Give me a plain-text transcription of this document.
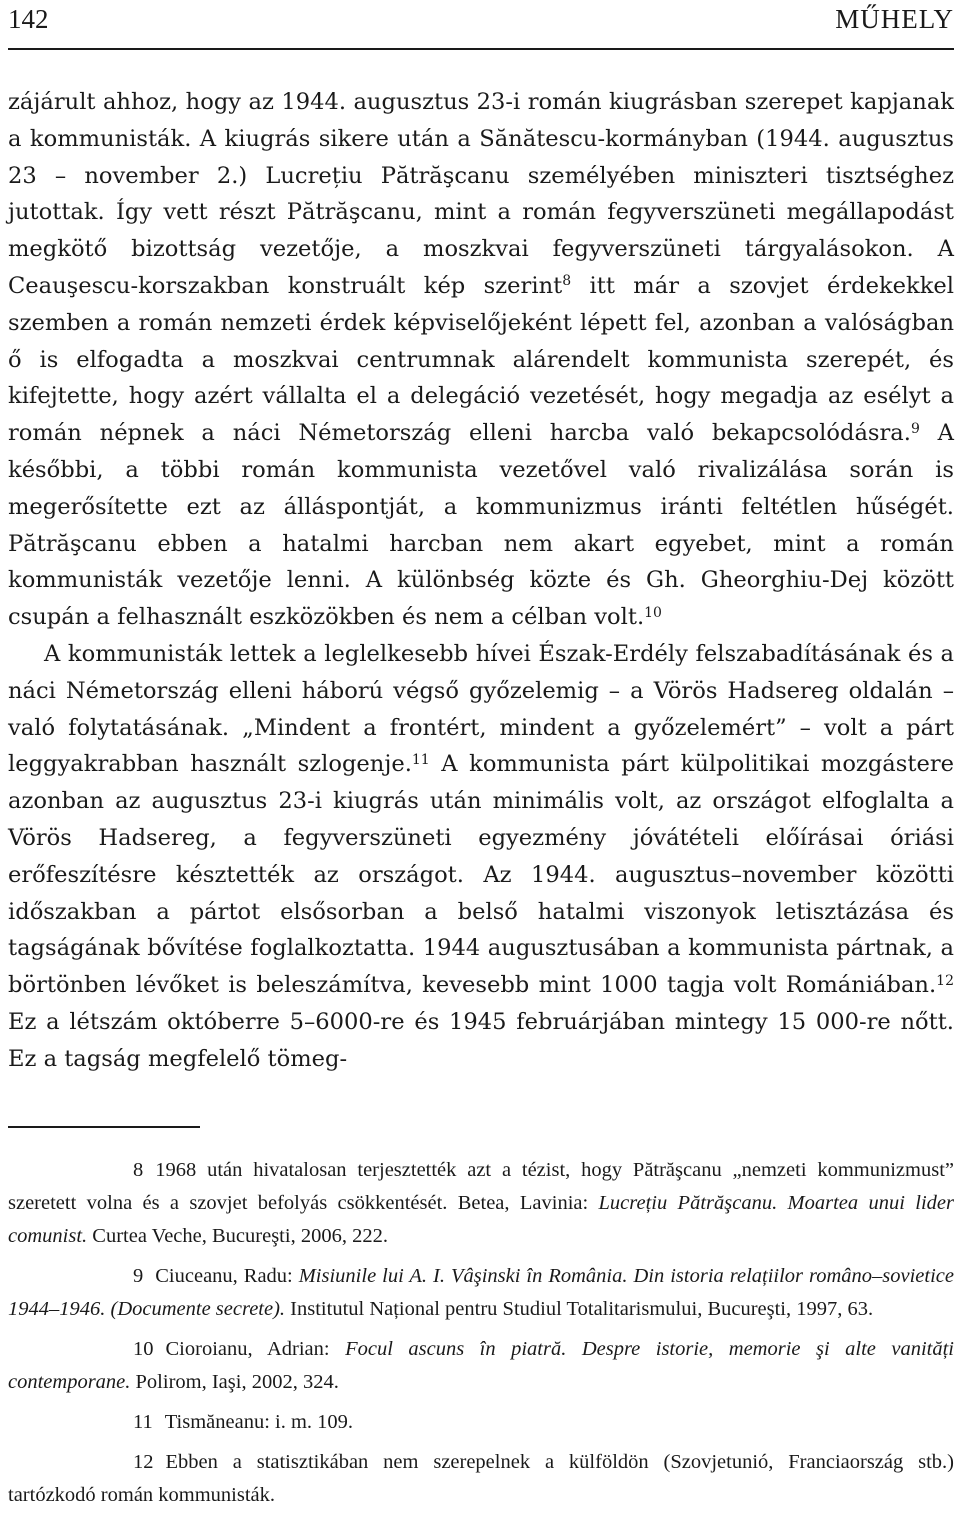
142	MŰHELY

zájárult ahhoz, hogy az 1944. augusztus 23-i román kiugrásban szerepet kapjanak a kommunisták. A kiugrás sikere után a Sănătescu-kormányban (1944. augusztus 23 – november 2.) Lucrețiu Pătrăşcanu személyében miniszteri tisztséghez jutottak. Így vett részt Pătrăşcanu, mint a román fegyverszüneti megállapodást megkötő bizottság vezetője, a moszkvai fegyverszüneti tárgyalásokon. A Ceauşescu-korszakban konstruált kép szerint$^8$ itt már a szovjet érdekekkel szemben a román nemzeti érdek képviselőjeként lépett fel, azonban a valóságban ő is elfogadta a moszkvai centrumnak alárendelt kommunista szerepét, és kifejtette, hogy azért vállalta el a delegáció vezetését, hogy megadja az esélyt a román népnek a náci Németország elleni harcba való bekapcsolódásra.$^9$ A későbbi, a többi román kommunista vezetővel való rivalizálása során is megerősítette ezt az álláspontját, a kommunizmus iránti feltétlen hűségét. Pătrăşcanu ebben a hatalmi harcban nem akart egyebet, mint a román kommunisták vezetője lenni. A különbség közte és Gh. Gheorghiu-Dej között csupán a felhasznált eszközökben és nem a célban volt.$^{10}$

A kommunisták lettek a leglelkesebb hívei Észak-Erdély felszabadításának és a náci Németország elleni háború végső győzelemig – a Vörös Hadsereg oldalán – való folytatásának. „Mindent a frontért, mindent a győzelemért” – volt a párt leggyakrabban használt szlogenje.$^{11}$ A kommunista párt külpolitikai mozgástere azonban az augusztus 23-i kiugrás után minimális volt, az országot elfoglalta a Vörös Hadsereg, a fegyverszüneti egyezmény jóvátételi előírásai óriási erőfeszítésre késztették az országot. Az 1944. augusztus–november közötti időszakban a pártot elsősorban a belső hatalmi viszonyok letisztázása és tagságának bővítése foglalkoztatta. 1944 augusztusában a kommunista pártnak, a börtönben lévőket is beleszámítva, kevesebb mint 1000 tagja volt Romániában.$^{12}$ Ez a létszám októberre 5–6000-re és 1945 februárjában mintegy 15 000-re nőtt. Ez a tagság megfelelő tömeg-

8 1968 után hivatalosan terjesztették azt a tézist, hogy Pătrăşcanu „nemzeti kommunizmust” szeretett volna és a szovjet befolyás csökkentését. Betea, Lavinia: Lucrețiu Pătrăşcanu. Moartea unui lider comunist. Curtea Veche, Bucureşti, 2006, 222.

9 Ciuceanu, Radu: Misiunile lui A. I. Vâşinski în România. Din istoria relațiilor româno–sovietice 1944–1946. (Documente secrete). Institutul Național pentru Studiul Totalitarismului, Bucureşti, 1997, 63.

10 Cioroianu, Adrian: Focul ascuns în piatră. Despre istorie, memorie şi alte vanități contemporane. Polirom, Iaşi, 2002, 324.

11 Tismăneanu: i. m. 109.

12 Ebben a statisztikában nem szerepelnek a külföldön (Szovjetunió, Franciaország stb.) tartózkodó román kommunisták.
